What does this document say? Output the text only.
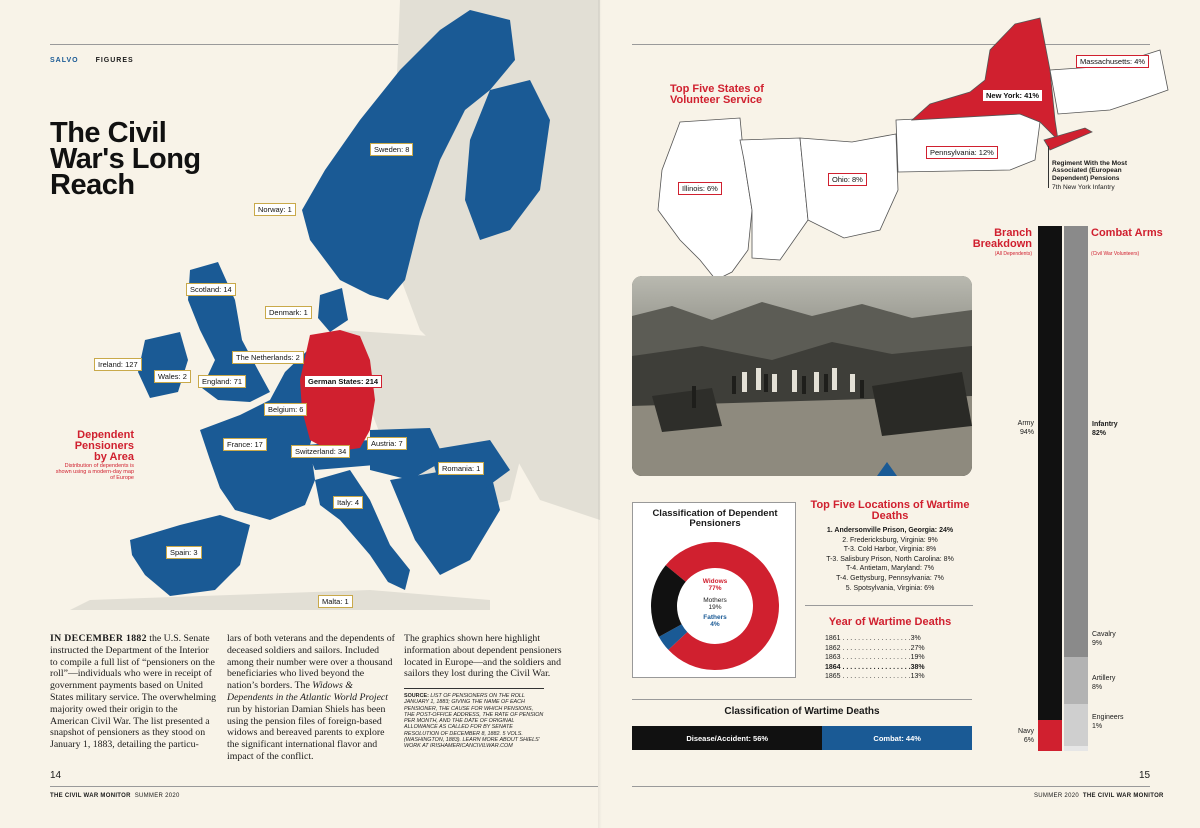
SALVO FIGURES
Sweden: 8
Norway: 1
Scotland: 14
Denmark: 1
Ireland: 127
The Netherlands: 2
Wales: 2
England: 71	German States: 214
Belgium: 6
France: 17	Austria: 7
Switzerland: 34
Romania: 1
Italy: 4
Spain: 3
Malta: 1
The Civil War's Long Reach
Dependent Pensioners by Area
Distribution of dependents is shown using a modern-day map of Europe
IN DECEMBER 1882 the U.S. Senate instructed the Department of the Interior to compile a full list of “pensioners on the roll”—individuals who were in receipt of government payments based on United States military service. The overwhelming majority owed their origin to the American Civil War. The list presented a snapshot of pensioners as they stood on January 1, 1883, detailing the particu-
lars of both veterans and the dependents of deceased soldiers and sailors. Included among their number were over a thousand beneficiaries who lived beyond the nation’s borders. The Widows & Dependents in the Atlantic World Project run by historian Damian Shiels has been using the pension files of foreign-based widows and bereaved parents to explore the significant international flavor and impact of the conflict.
The graphics shown here highlight information about dependent pensioners located in Europe—and the soldiers and sailors they lost during the Civil War.
SOURCE: LIST OF PENSIONERS ON THE ROLL JANUARY 1, 1883; GIVING THE NAME OF EACH PENSIONER, THE CAUSE FOR WHICH PENSIONS, THE POST-OFFICE ADDRESS, THE RATE OF PENSION PER MONTH, AND THE DATE OF ORIGINAL ALLOWANCE AS CALLED FOR BY SENATE RESOLUTION OF DECEMBER 8, 1882. 5 VOLS. (WASHINGTON, 1883). LEARN MORE ABOUT SHIELS’ WORK AT IRISHAMERICANCIVILWAR.COM
14
THE CIVIL WAR MONITOR SUMMER 2020
Top Five States of Volunteer Service
Illinois: 6%
Ohio: 8%
Pennsylvania: 12%
New York: 41%
Massachusetts: 4%
Regiment With the Most Associated (European Dependent) Pensions
7th New York Infantry
Classification of Dependent Pensioners
Widows
77%
Mothers
19%
Fathers
4%
Top Five Locations of Wartime Deaths
1. Andersonville Prison, Georgia: 24%
2. Fredericksburg, Virginia: 9%
T-3. Cold Harbor, Virginia: 8%
T-3. Salisbury Prison, North Carolina: 8%
T-4. Antietam, Maryland: 7%
T-4. Gettysburg, Pennsylvania: 7%
5. Spotsylvania, Virginia: 6%
Year of Wartime Deaths
1861 . . . . . . . . . . . . . . . . . .3%
1862 . . . . . . . . . . . . . . . . . .27%
1863 . . . . . . . . . . . . . . . . . .19%
1864 . . . . . . . . . . . . . . . . . .38%
1865 . . . . . . . . . . . . . . . . . .13%
Classification of Wartime Deaths
Disease/Accident: 56%	Combat: 44%
Branch Breakdown
(All Dependents)
Combat Arms
(Civil War Volunteers)
Army
94%
Navy
6%
Infantry
82%
Cavalry
9%
Artillery
8%
Engineers
1%
15
SUMMER 2020 THE CIVIL WAR MONITOR
